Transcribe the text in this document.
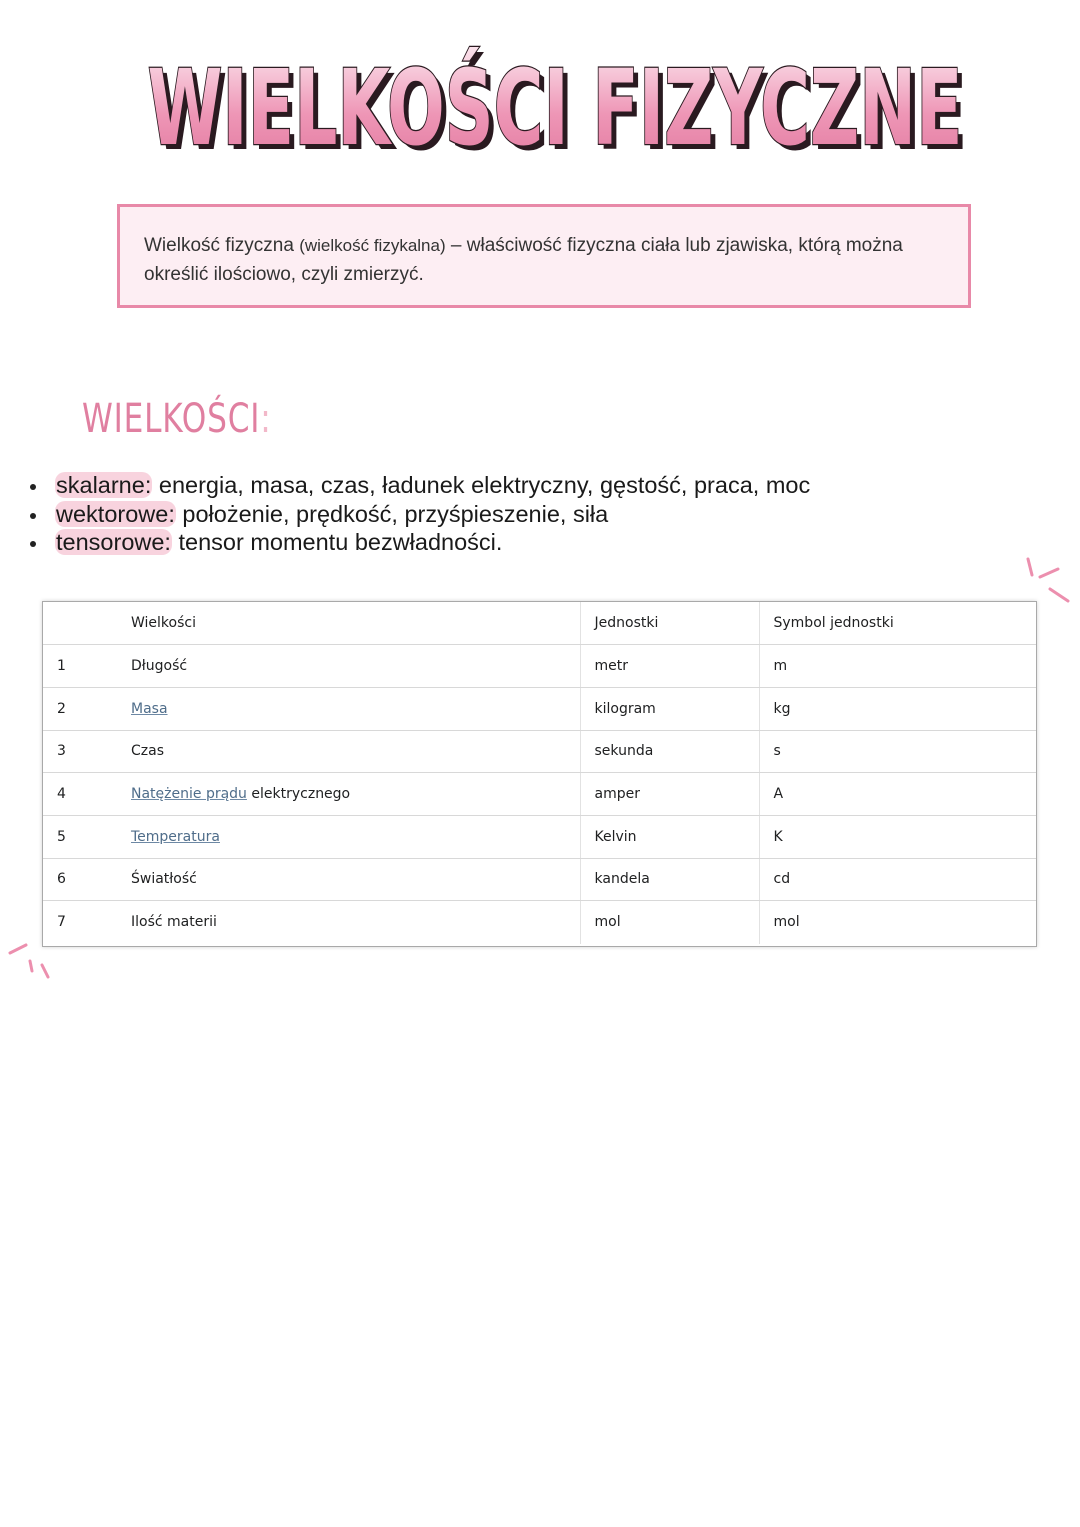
WIELKOŚCI FIZYCZNE
WIELKOŚCI FIZYCZNE
Wielkość fizyczna (wielkość fizykalna) – właściwość fizyczna ciała lub zjawiska, którą można określić ilościowo, czyli zmierzyć.
WIELKOŚCI:
skalarne: energia, masa, czas, ładunek elektryczny, gęstość, praca, moc
wektorowe: położenie, prędkość, przyśpieszenie, siła
tensorowe: tensor momentu bezwładności.
	Wielkości	Jednostki	Symbol jednostki
1	Długość	metr	m
2	Masa	kilogram	kg
3	Czas	sekunda	s
4	Natężenie prądu elektrycznego	amper	A
5	Temperatura	Kelvin	K
6	Światłość	kandela	cd
7	Ilość materii	mol	mol
